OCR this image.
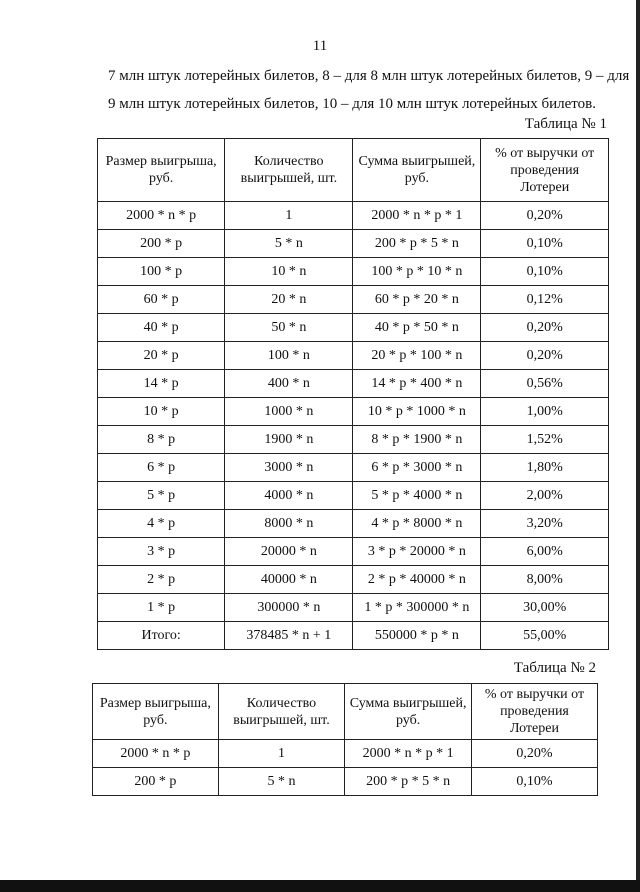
11
7 млн штук лотерейных билетов, 8 – для 8 млн штук лотерейных билетов, 9 – для
9 млн штук лотерейных билетов, 10 – для 10 млн штук лотерейных билетов.
Таблица № 1
Размер выигрыша, руб.	Количество выигрышей, шт.	Сумма выигрышей, руб.	% от выручки от проведения Лотереи
2000 * n * p	1	2000 * n * p * 1	0,20%
200 * p	5 * n	200 * p * 5 * n	0,10%
100 * p	10 * n	100 * p * 10 * n	0,10%
60 * p	20 * n	60 * p * 20 * n	0,12%
40 * p	50 * n	40 * p * 50 * n	0,20%
20 * p	100 * n	20 * p * 100 * n	0,20%
14 * p	400 * n	14 * p * 400 * n	0,56%
10 * p	1000 * n	10 * p * 1000 * n	1,00%
8 * p	1900 * n	8 * p * 1900 * n	1,52%
6 * p	3000 * n	6 * p * 3000 * n	1,80%
5 * p	4000 * n	5 * p * 4000 * n	2,00%
4 * p	8000 * n	4 * p * 8000 * n	3,20%
3 * p	20000 * n	3 * p * 20000 * n	6,00%
2 * p	40000 * n	2 * p * 40000 * n	8,00%
1 * p	300000 * n	1 * p * 300000 * n	30,00%
Итого:	378485 * n + 1	550000 * p * n	55,00%
Таблица № 2
Размер выигрыша, руб.	Количество выигрышей, шт.	Сумма выигрышей, руб.	% от выручки от проведения Лотереи
2000 * n * p	1	2000 * n * p * 1	0,20%
200 * p	5 * n	200 * p * 5 * n	0,10%
